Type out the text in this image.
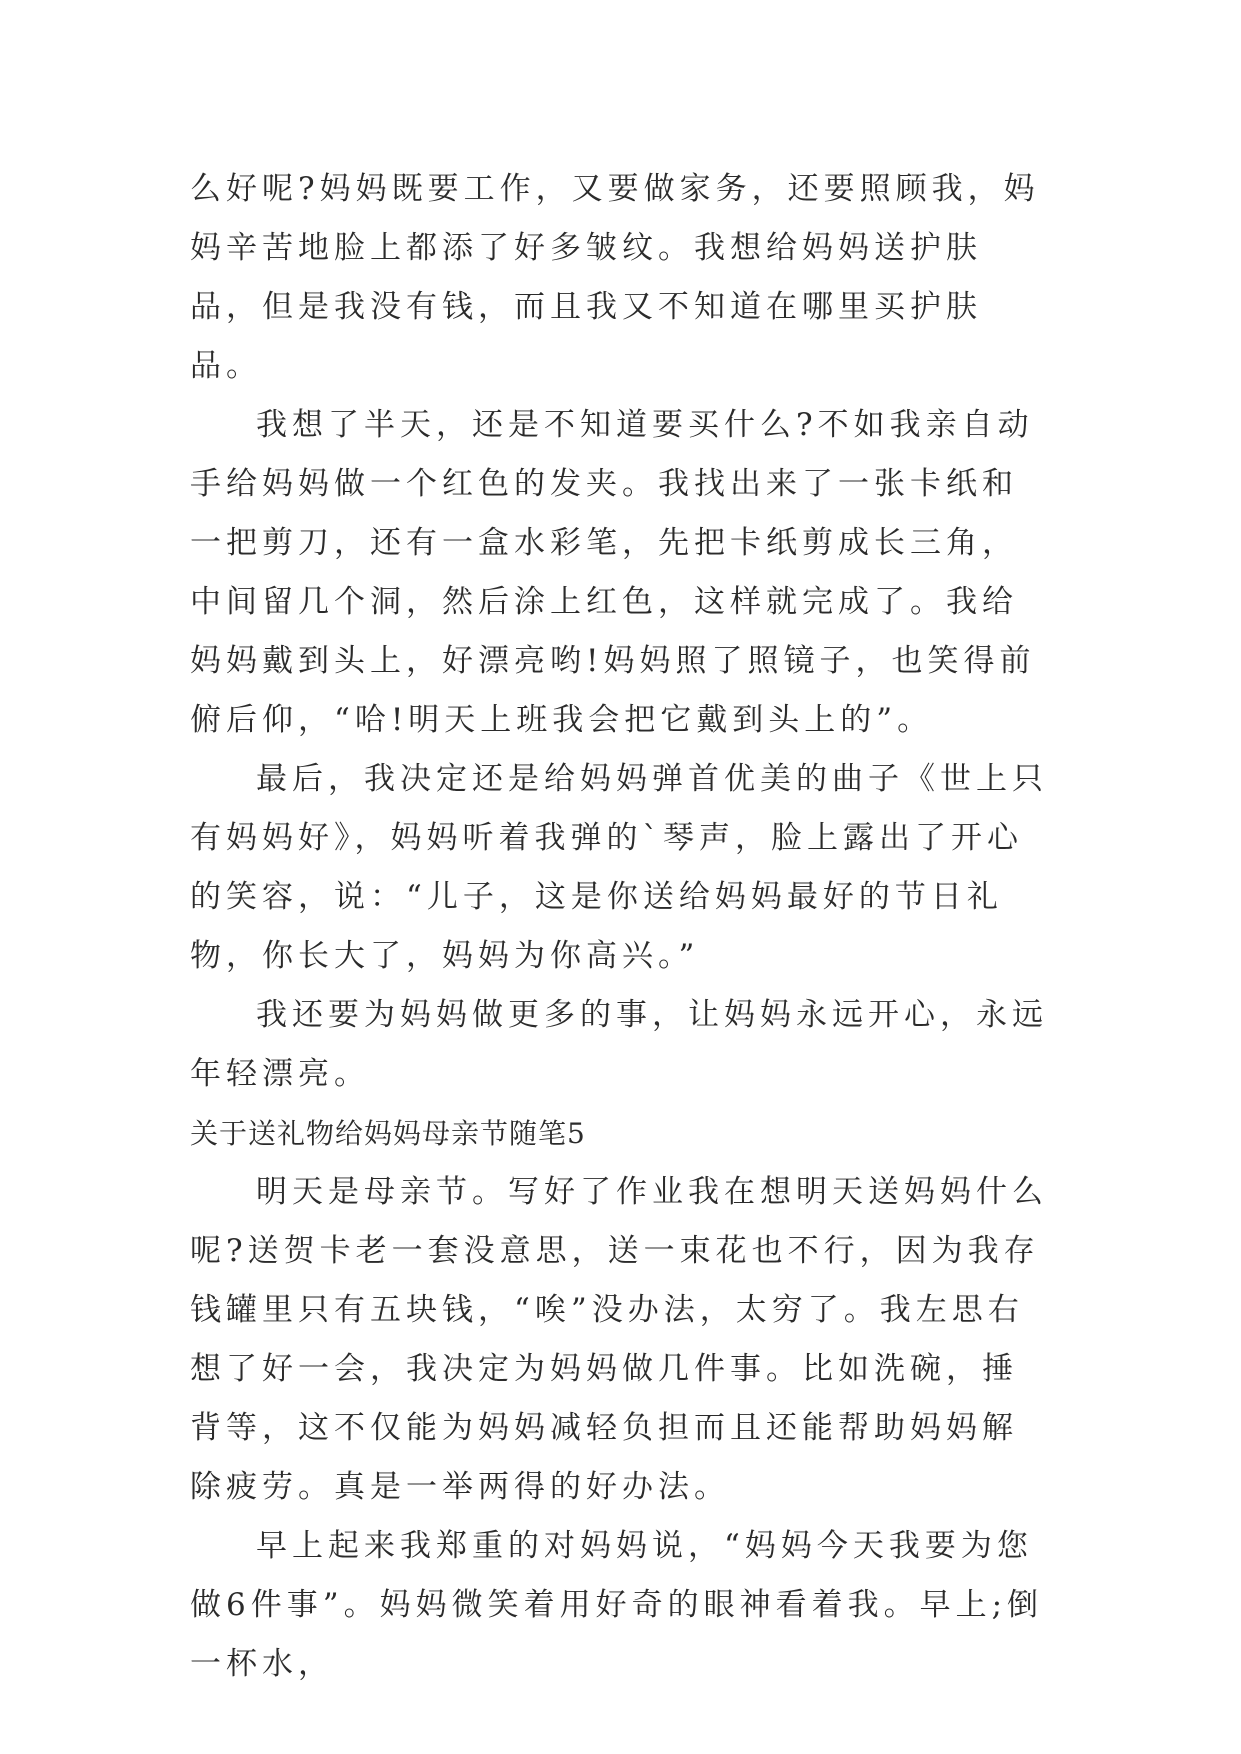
么好呢?妈妈既要工作，又要做家务，还要照顾我，妈妈辛苦地脸上都添了好多皱纹。我想给妈妈送护肤品，但是我没有钱，而且我又不知道在哪里买护肤品。

我想了半天，还是不知道要买什么?不如我亲自动手给妈妈做一个红色的发夹。我找出来了一张卡纸和一把剪刀，还有一盒水彩笔，先把卡纸剪成长三角，中间留几个洞，然后涂上红色，这样就完成了。我给妈妈戴到头上，好漂亮哟!妈妈照了照镜子，也笑得前俯后仰，“哈!明天上班我会把它戴到头上的”。

最后，我决定还是给妈妈弹首优美的曲子《世上只有妈妈好》，妈妈听着我弹的`琴声，脸上露出了开心的笑容，说：“儿子，这是你送给妈妈最好的节日礼物，你长大了，妈妈为你高兴。”

我还要为妈妈做更多的事，让妈妈永远开心，永远年轻漂亮。

关于送礼物给妈妈母亲节随笔5

明天是母亲节。写好了作业我在想明天送妈妈什么呢?送贺卡老一套没意思，送一束花也不行，因为我存钱罐里只有五块钱，“唉”没办法，太穷了。我左思右想了好一会，我决定为妈妈做几件事。比如洗碗，捶背等，这不仅能为妈妈减轻负担而且还能帮助妈妈解除疲劳。真是一举两得的好办法。

早上起来我郑重的对妈妈说，“妈妈今天我要为您做6件事”。妈妈微笑着用好奇的眼神看着我。早上;倒一杯水，
